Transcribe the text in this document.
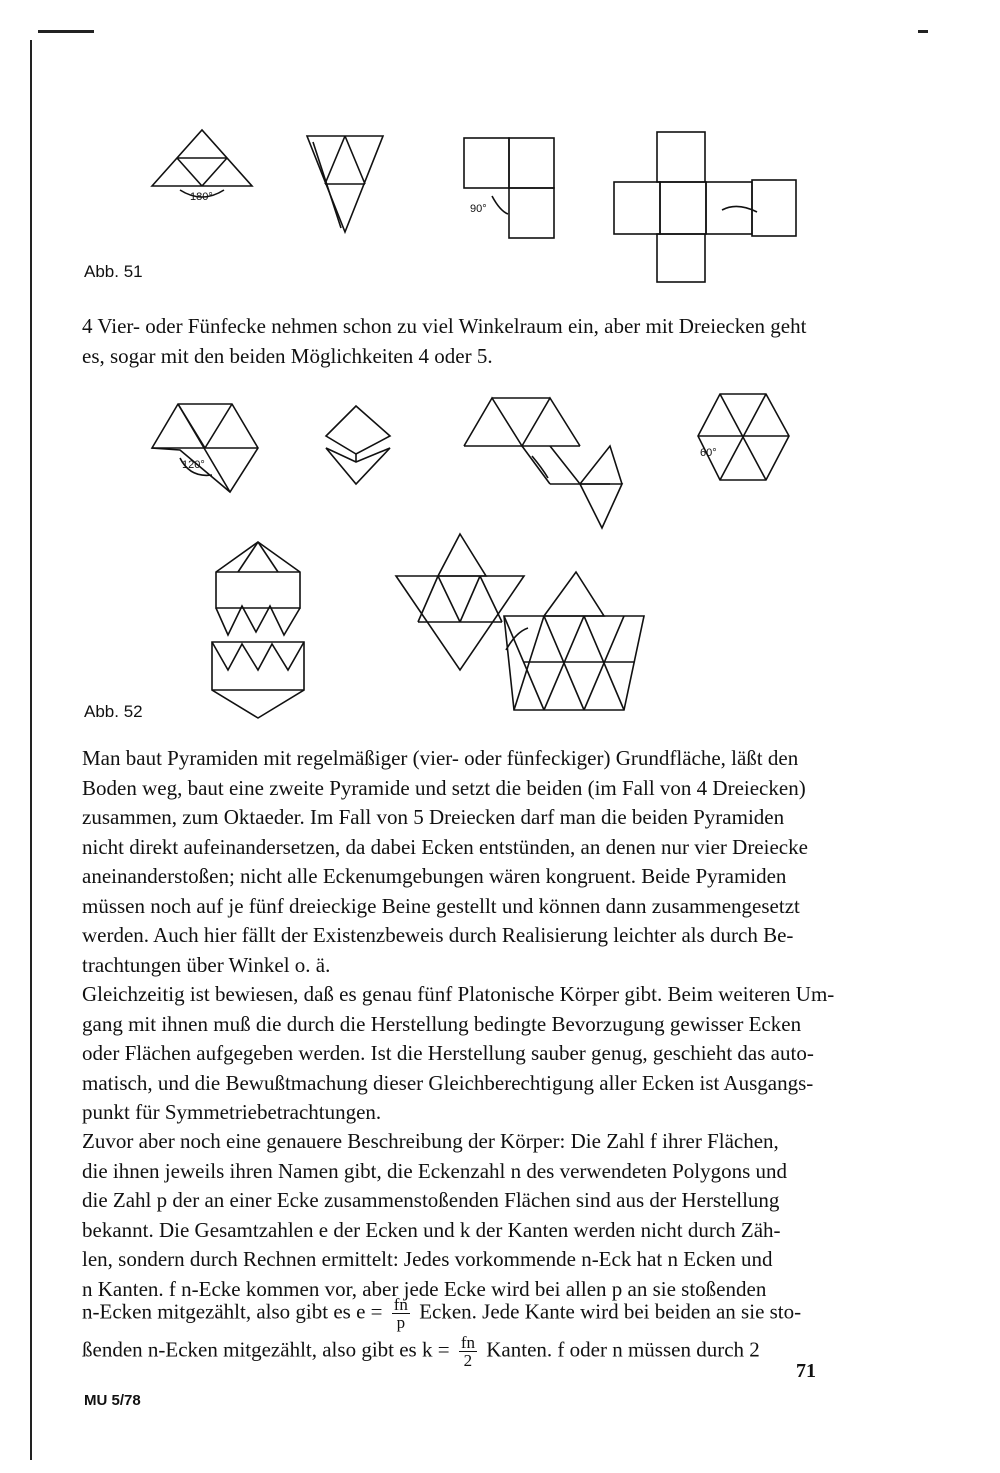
180°
90°
Abb. 51
4 Vier- oder Fünfecke nehmen schon zu viel Winkelraum ein, aber mit Dreiecken geht
es, sogar mit den beiden Möglichkeiten 4 oder 5.
120°
60°
Abb. 52
Man baut Pyramiden mit regelmäßiger (vier- oder fünfeckiger) Grundfläche, läßt den
Boden weg, baut eine zweite Pyramide und setzt die beiden (im Fall von 4 Dreiecken)
zusammen, zum Oktaeder. Im Fall von 5 Dreiecken darf man die beiden Pyramiden
nicht direkt aufeinandersetzen, da dabei Ecken entstünden, an denen nur vier Dreiecke
aneinanderstoßen; nicht alle Eckenumgebungen wären kongruent. Beide Pyramiden
müssen noch auf je fünf dreieckige Beine gestellt und können dann zusammengesetzt
werden. Auch hier fällt der Existenzbeweis durch Realisierung leichter als durch Be-
trachtungen über Winkel o. ä.
Gleichzeitig ist bewiesen, daß es genau fünf Platonische Körper gibt. Beim weiteren Um-
gang mit ihnen muß die durch die Herstellung bedingte Bevorzugung gewisser Ecken
oder Flächen aufgegeben werden. Ist die Herstellung sauber genug, geschieht das auto-
matisch, und die Bewußtmachung dieser Gleichberechtigung aller Ecken ist Ausgangs-
punkt für Symmetriebetrachtungen.
Zuvor aber noch eine genauere Beschreibung der Körper: Die Zahl f ihrer Flächen,
die ihnen jeweils ihren Namen gibt, die Eckenzahl n des verwendeten Polygons und
die Zahl p der an einer Ecke zusammenstoßenden Flächen sind aus der Herstellung
bekannt. Die Gesamtzahlen e der Ecken und k der Kanten werden nicht durch Zäh-
len, sondern durch Rechnen ermittelt: Jedes vorkommende n-Eck hat n Ecken und
n Kanten. f n-Ecke kommen vor, aber jede Ecke wird bei allen p an sie stoßenden
n-Ecken mitgezählt, also gibt es $e = \frac{fn}{p}$ Ecken. Jede Kante wird bei beiden an sie sto-
ßenden n-Ecken mitgezählt, also gibt es $k = \frac{fn}{2}$ Kanten. f oder n müssen durch 2
71
MU 5/78
